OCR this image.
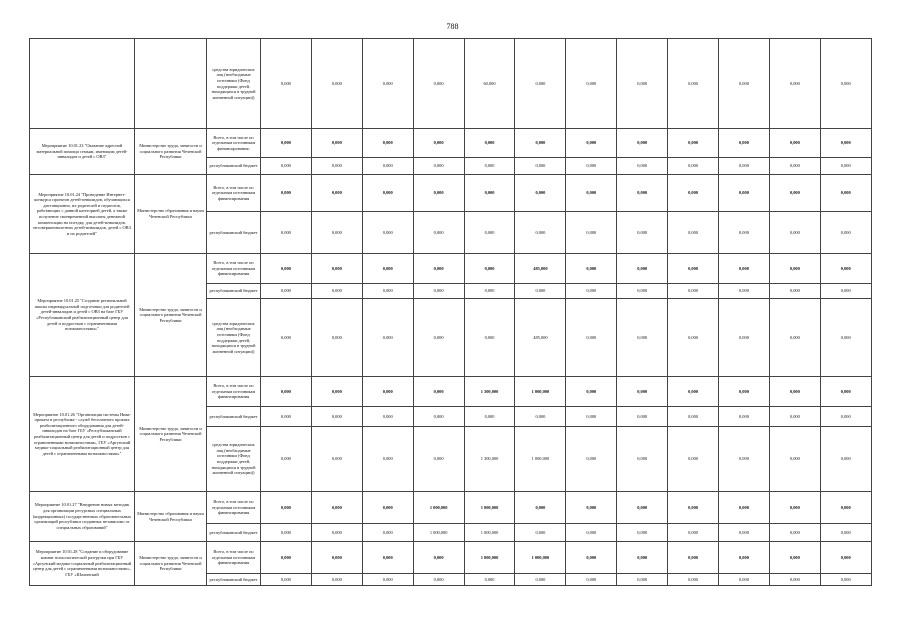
788
		средства юридических лиц (необходимые источники (Фонд поддержки детей, находящихся в трудной жизненной ситуации))	0,000	0,000	0,000	0,000	60,000	0,000	0,000	0,000	0,000	0,000	0,000	0,000
Мероприятие 10.01.23 "Оказание адресной материальной помощи семьям, имеющим детей-инвалидов и детей с ОВЗ"	Министерство труда, занятости и социального развития Чеченской Республики	Всего, в том числе по отдельным источникам финансирования:	0,000	0,000	0,000	0,000	0,000	0,000	0,000	0,000	0,000	0,000	0,000	0,000
		республиканский бюджет	0,000	0,000	0,000	0,000	0,000	0,000	0,000	0,000	0,000	0,000	0,000	0,000
Мероприятие 10.01.24 "Проведение Интернет-конкурса проектов детей-инвалидов, обучающихся дистанционно, их родителей и педагогов, работающих с данной категорией детей, а также получение своевременной выплаты денежной компенсации на поездку, для детей-инвалидов, несовершеннолетних детей-инвалидов, детей с ОВЗ и их родителей"	Министерство образования и науки Чеченской Республики	Всего, в том числе по отдельным источникам финансирования	0,000	0,000	0,000	0,000	0,000	0,000	0,000	0,000	0,000	0,000	0,000	0,000
		республиканский бюджет	0,000	0,000	0,000	0,000	0,000	0,000	0,000	0,000	0,000	0,000	0,000	0,000
Мероприятие 10.01.25 "Создание региональной школы индивидуальной подготовки для родителей детей-инвалидов и детей с ОВЗ на базе ГБУ «Республиканский реабилитационный центр для детей и подростков с ограниченными возможностями»"	Министерство труда, занятости и социального развития Чеченской Республики	Всего, в том числе по отдельным источникам финансирования	0,000	0,000	0,000	0,000	0,000	485,000	0,000	0,000	0,000	0,000	0,000	0,000
		республиканский бюджет	0,000	0,000	0,000	0,000	0,000	0,000	0,000	0,000	0,000	0,000	0,000	0,000
		средства юридических лиц (необходимые источники (Фонд поддержки детей, находящихся в трудной жизненной ситуации))	0,000	0,000	0,000	0,000	0,000	485,000	0,000	0,000	0,000	0,000	0,000	0,000
Мероприятие 10.01.26 "Организация системы Нива-проката в республике - служб бесплатного проката реабилитационного оборудования для детей-инвалидов на базе ГБУ «Республиканский реабилитационный центр для детей и подростков с ограниченными возможностями», ГБУ «Аргунский медико-социальный реабилитационный центр для детей с ограниченными возможностями»"	Министерство труда, занятости и социального развития Чеченской Республики	Всего, в том числе по отдельным источникам финансирования	0,000	0,000	0,000	0,000	1 300,000	1 000,000	0,000	0,000	0,000	0,000	0,000	0,000
		республиканский бюджет	0,000	0,000	0,000	0,000	0,000	0,000	0,000	0,000	0,000	0,000	0,000	0,000
		средства юридических лиц (необходимые источники (Фонд поддержки детей, находящихся в трудной жизненной ситуации))	0,000	0,000	0,000	0,000	1 300,000	1 000,000	0,000	0,000	0,000	0,000	0,000	0,000
Мероприятие 10.01.27 "Внедрение новых методик для организации ресурсных специальных (коррекционных) государственных образовательных организаций республики созданных независимо от специальных образований"	Министерство образования и науки Чеченской Республики	Всего, в том числе по отдельным источникам финансирования	0,000	0,000	0,000	1 000,000	1 000,000	0,000	0,000	0,000	0,000	0,000	0,000	0,000
		республиканский бюджет	0,000	0,000	0,000	1 000,000	1 000,000	0,000	0,000	0,000	0,000	0,000	0,000	0,000
Мероприятие 10.01.28 "Создание и оборудование комнат психологической разгрузки при ГБУ «Аргунский медико-социальный реабилитационный центр для детей с ограниченными возможностями», ГБУ «Шалинский	Министерство труда, занятости и социального развития Чеченской Республики	Всего, в том числе по отдельным источникам финансирования	0,000	0,000	0,000	0,000	1 000,000	1 000,000	0,000	0,000	0,000	0,000	0,000	0,000
		республиканский бюджет	0,000	0,000	0,000	0,000	0,000	0,000	0,000	0,000	0,000	0,000	0,000	0,000
